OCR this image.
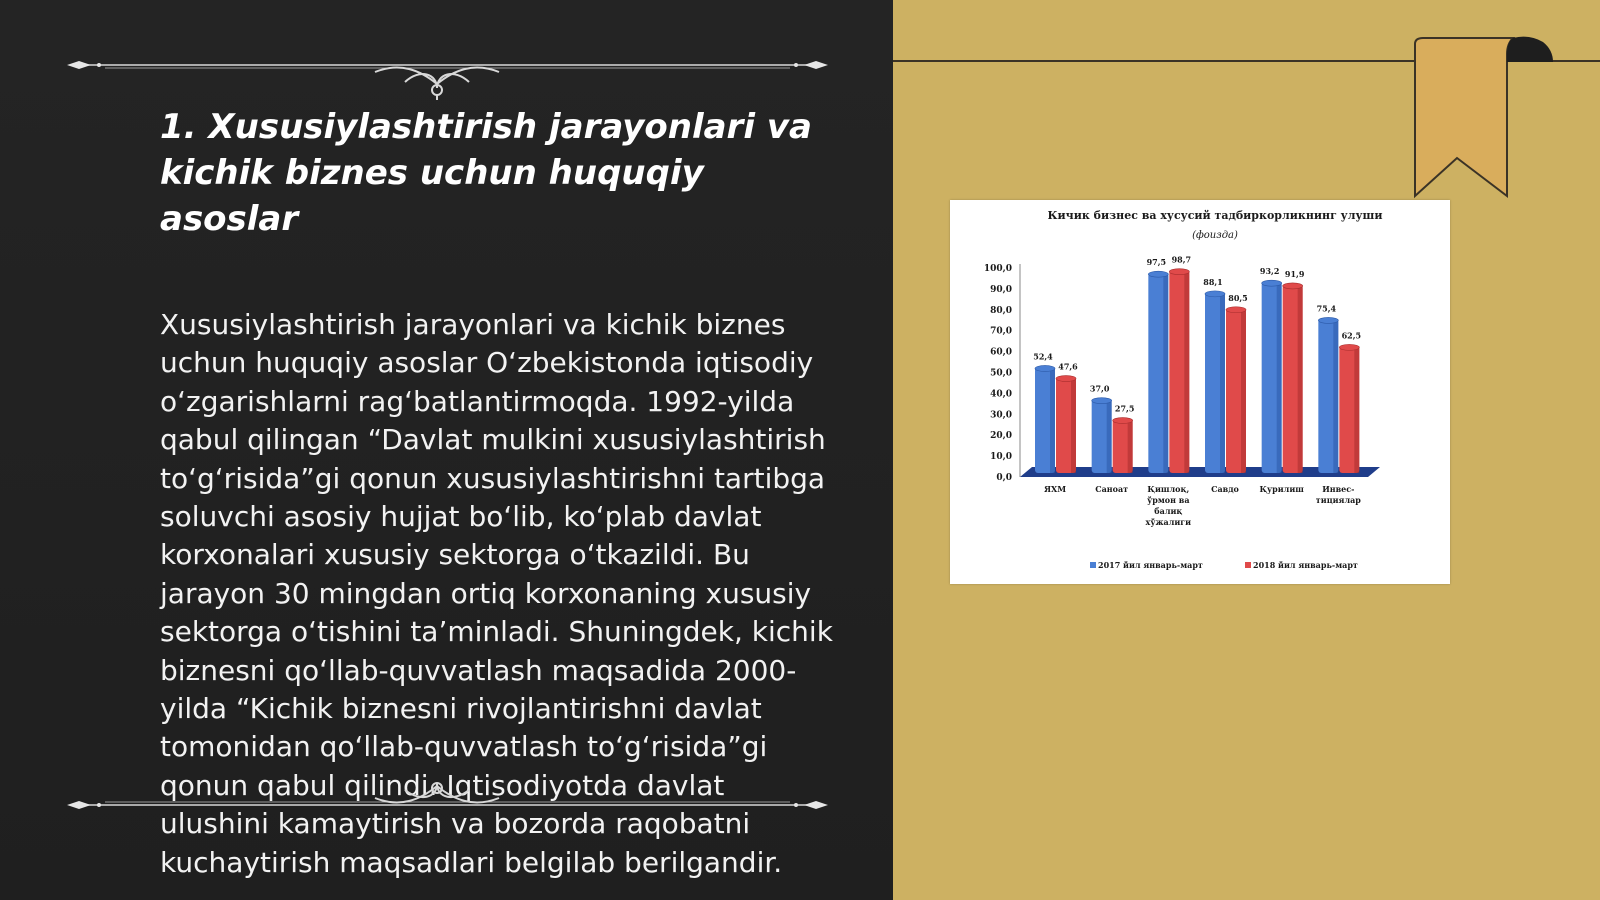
1. Xususiylashtirish jarayonlari va kichik biznes uchun huquqiy asoslar

Xususiylashtirish jarayonlari va kichik biznes uchun huquqiy asoslar O‘zbekistonda iqtisodiy o‘zgarishlarni rag‘batlantirmoqda. 1992-yilda qabul qilingan “Davlat mulkini xususiylashtirish to‘g‘risida”gi qonun xususiylashtirishni tartibga soluvchi asosiy hujjat bo‘lib, ko‘plab davlat korxonalari xususiy sektorga o‘tkazildi. Bu jarayon 30 mingdan ortiq korxonaning xususiy sektorga o‘tishini ta’minladi. Shuningdek, kichik biznesni qo‘llab-quvvatlash maqsadida 2000-yilda “Kichik biznesni rivojlantirishni davlat tomonidan qo‘llab-quvvatlash to‘g‘risida”gi qonun qabul qilindi. Iqtisodiyotda davlat ulushini kamaytirish va bozorda raqobatni kuchaytirish maqsadlari belgilab berilgandir.

Кичик бизнес ва хусусий тадбиркорликнинг улуши
(фоизда)
0,0
10,0
20,0
30,0
40,0
50,0
60,0
70,0
80,0
90,0
100,0
52,4
47,6
ЯХМ
37,0
27,5
Саноат
97,5 98,7
Қишлоқ,
ўрмон ва
балиқ
хўжалиги
88,1
80,5
Савдо
93,2 91,9
Қурилиш
75,4
62,5
Инвес-
тициялар
2017 йил январь-март	2018 йил январь-март
